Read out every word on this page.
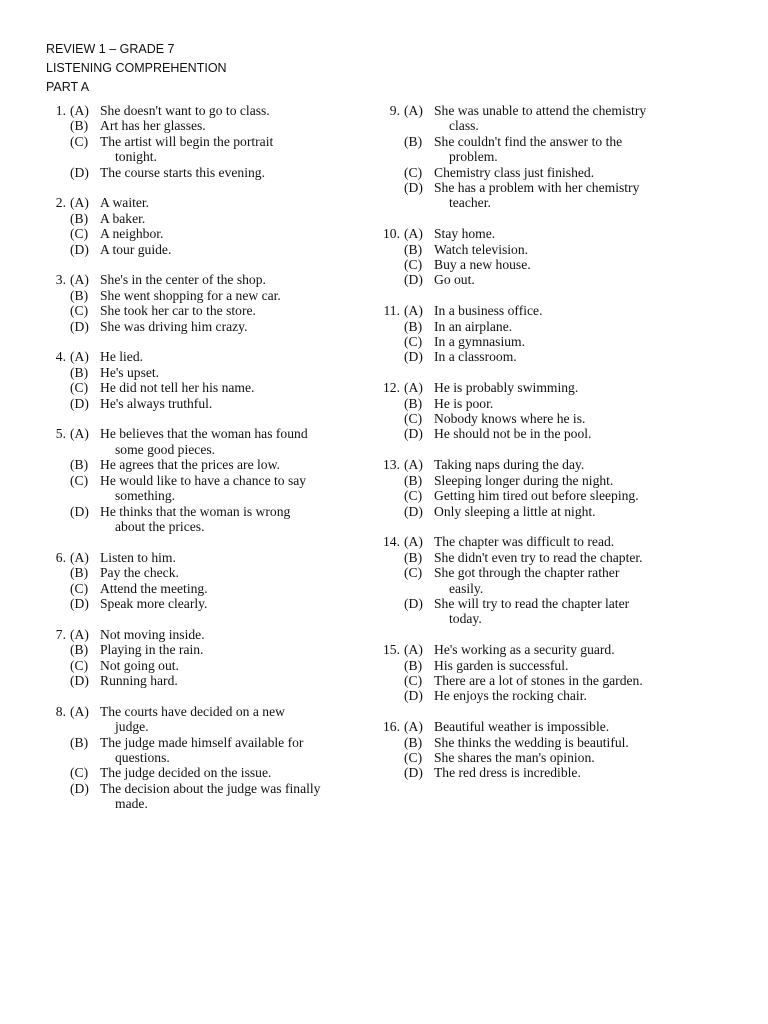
REVIEW 1 – GRADE 7
LISTENING COMPREHENTION
PART A
1. (A) She doesn't want to go to class.
(B) Art has her glasses.
(C) The artist will begin the portrait
tonight.
(D) The course starts this evening.
2. (A) A waiter.
(B) A baker.
(C) A neighbor.
(D) A tour guide.
3. (A) She's in the center of the shop.
(B) She went shopping for a new car.
(C) She took her car to the store.
(D) She was driving him crazy.
4. (A) He lied.
(B) He's upset.
(C) He did not tell her his name.
(D) He's always truthful.
5. (A) He believes that the woman has found
some good pieces.
(B) He agrees that the prices are low.
(C) He would like to have a chance to say
something.
(D) He thinks that the woman is wrong
about the prices.
6. (A) Listen to him.
(B) Pay the check.
(C) Attend the meeting.
(D) Speak more clearly.
7. (A) Not moving inside.
(B) Playing in the rain.
(C) Not going out.
(D) Running hard.
8. (A) The courts have decided on a new
judge.
(B) The judge made himself available for
questions.
(C) The judge decided on the issue.
(D) The decision about the judge was finally
made.
9. (A) She was unable to attend the chemistry
class.
(B) She couldn't find the answer to the
problem.
(C) Chemistry class just finished.
(D) She has a problem with her chemistry
teacher.
10. (A) Stay home.
(B) Watch television.
(C) Buy a new house.
(D) Go out.
11. (A) In a business office.
(B) In an airplane.
(C) In a gymnasium.
(D) In a classroom.
12. (A) He is probably swimming.
(B) He is poor.
(C) Nobody knows where he is.
(D) He should not be in the pool.
13. (A) Taking naps during the day.
(B) Sleeping longer during the night.
(C) Getting him tired out before sleeping.
(D) Only sleeping a little at night.
14. (A) The chapter was difficult to read.
(B) She didn't even try to read the chapter.
(C) She got through the chapter rather
easily.
(D) She will try to read the chapter later
today.
15. (A) He's working as a security guard.
(B) His garden is successful.
(C) There are a lot of stones in the garden.
(D) He enjoys the rocking chair.
16. (A) Beautiful weather is impossible.
(B) She thinks the wedding is beautiful.
(C) She shares the man's opinion.
(D) The red dress is incredible.
